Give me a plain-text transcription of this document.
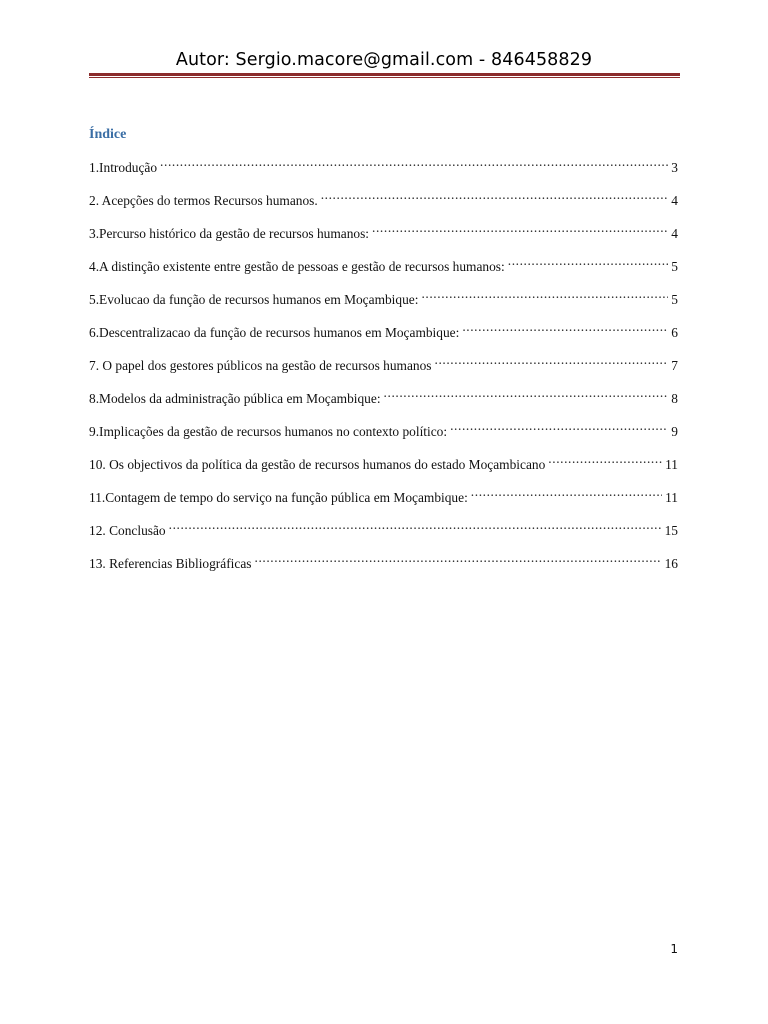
Autor: Sergio.macore@gmail.com - 846458829
Índice
1.Introdução .....	3
2. Acepções do termos Recursos humanos. .....	4
3.Percurso histórico da gestão de recursos humanos: .....	4
4.A distinção existente entre gestão de pessoas e gestão de recursos humanos: .....	5
5.Evolucao da função de recursos humanos em Moçambique: .....	5
6.Descentralizacao da função de recursos humanos em Moçambique: .....	6
7. O papel dos gestores públicos na gestão de recursos humanos .....	7
8.Modelos da administração pública em Moçambique: .....	8
9.Implicações da gestão de recursos humanos no contexto político: .....	9
10. Os objectivos da política da gestão de recursos humanos do estado Moçambicano .....	11
11.Contagem de tempo do serviço na função pública em Moçambique: .....	11
12. Conclusão .....	15
13. Referencias Bibliográficas .....	16
1
